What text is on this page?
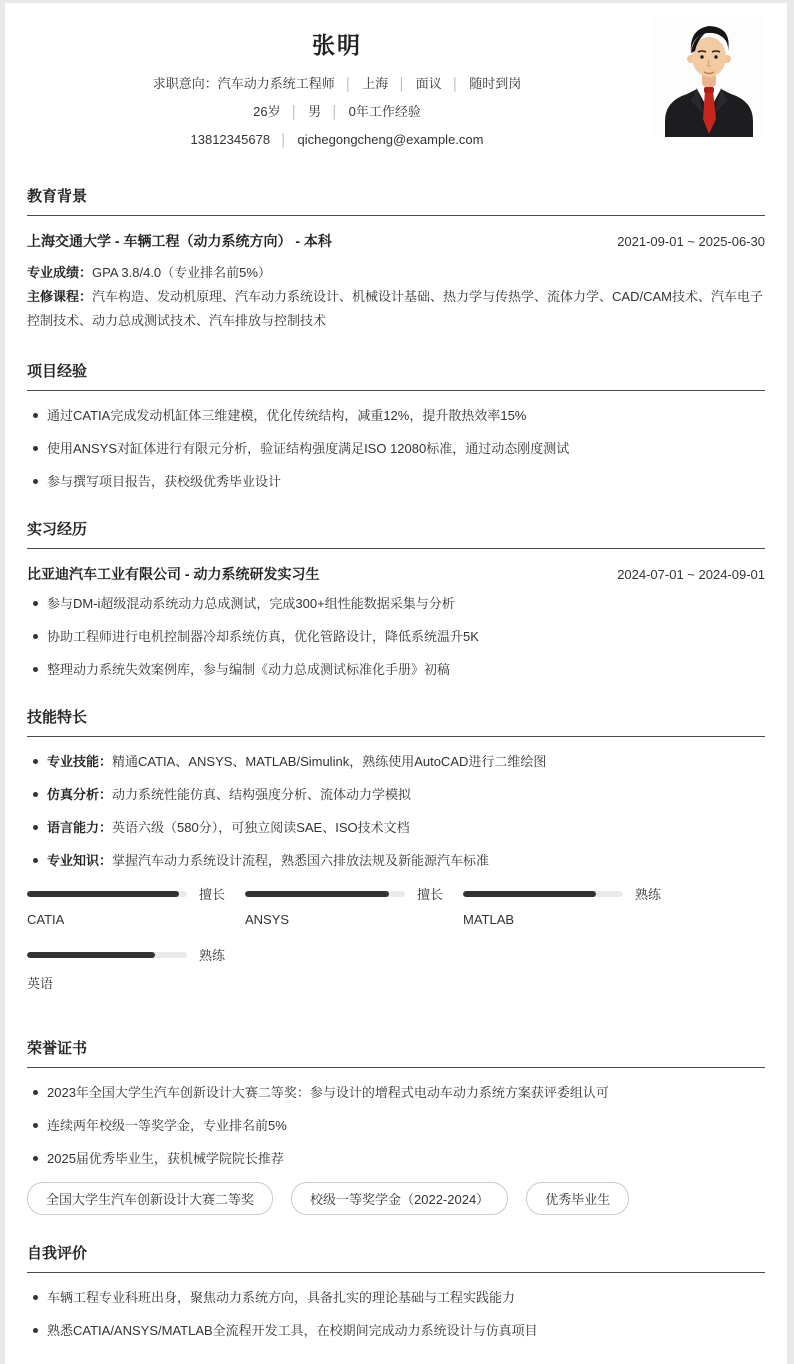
张明
求职意向：汽车动力系统工程师 │ 上海 │ 面议 │ 随时到岗
26岁 │ 男 │ 0年工作经验
13812345678 │ qichegongcheng@example.com
教育背景
上海交通大学 - 车辆工程（动力系统方向） - 本科	2021-09-01 ~ 2025-06-30
专业成绩：GPA 3.8/4.0（专业排名前5%）
主修课程：汽车构造、发动机原理、汽车动力系统设计、机械设计基础、热力学与传热学、流体力学、CAD/CAM技术、汽车电子控制技术、动力总成测试技术、汽车排放与控制技术
项目经验
通过CATIA完成发动机缸体三维建模，优化传统结构，减重12%，提升散热效率15%
使用ANSYS对缸体进行有限元分析，验证结构强度满足ISO 12080标准，通过动态刚度测试
参与撰写项目报告，获校级优秀毕业设计
实习经历
比亚迪汽车工业有限公司 - 动力系统研发实习生	2024-07-01 ~ 2024-09-01
参与DM-i超级混动系统动力总成测试，完成300+组性能数据采集与分析
协助工程师进行电机控制器冷却系统仿真，优化管路设计，降低系统温升5K
整理动力系统失效案例库，参与编制《动力总成测试标准化手册》初稿
技能特长
专业技能：精通CATIA、ANSYS、MATLAB/Simulink，熟练使用AutoCAD进行二维绘图
仿真分析：动力系统性能仿真、结构强度分析、流体动力学模拟
语言能力：英语六级（580分），可独立阅读SAE、ISO技术文档
专业知识：掌握汽车动力系统设计流程，熟悉国六排放法规及新能源汽车标准
擅长
CATIA
擅长
ANSYS
熟练
MATLAB
熟练
英语
荣誉证书
2023年全国大学生汽车创新设计大赛二等奖：参与设计的增程式电动车动力系统方案获评委组认可
连续两年校级一等奖学金，专业排名前5%
2025届优秀毕业生，获机械学院院长推荐
全国大学生汽车创新设计大赛二等奖	校级一等奖学金（2022-2024）	优秀毕业生
自我评价
车辆工程专业科班出身，聚焦动力系统方向，具备扎实的理论基础与工程实践能力
熟悉CATIA/ANSYS/MATLAB全流程开发工具，在校期间完成动力系统设计与仿真项目
